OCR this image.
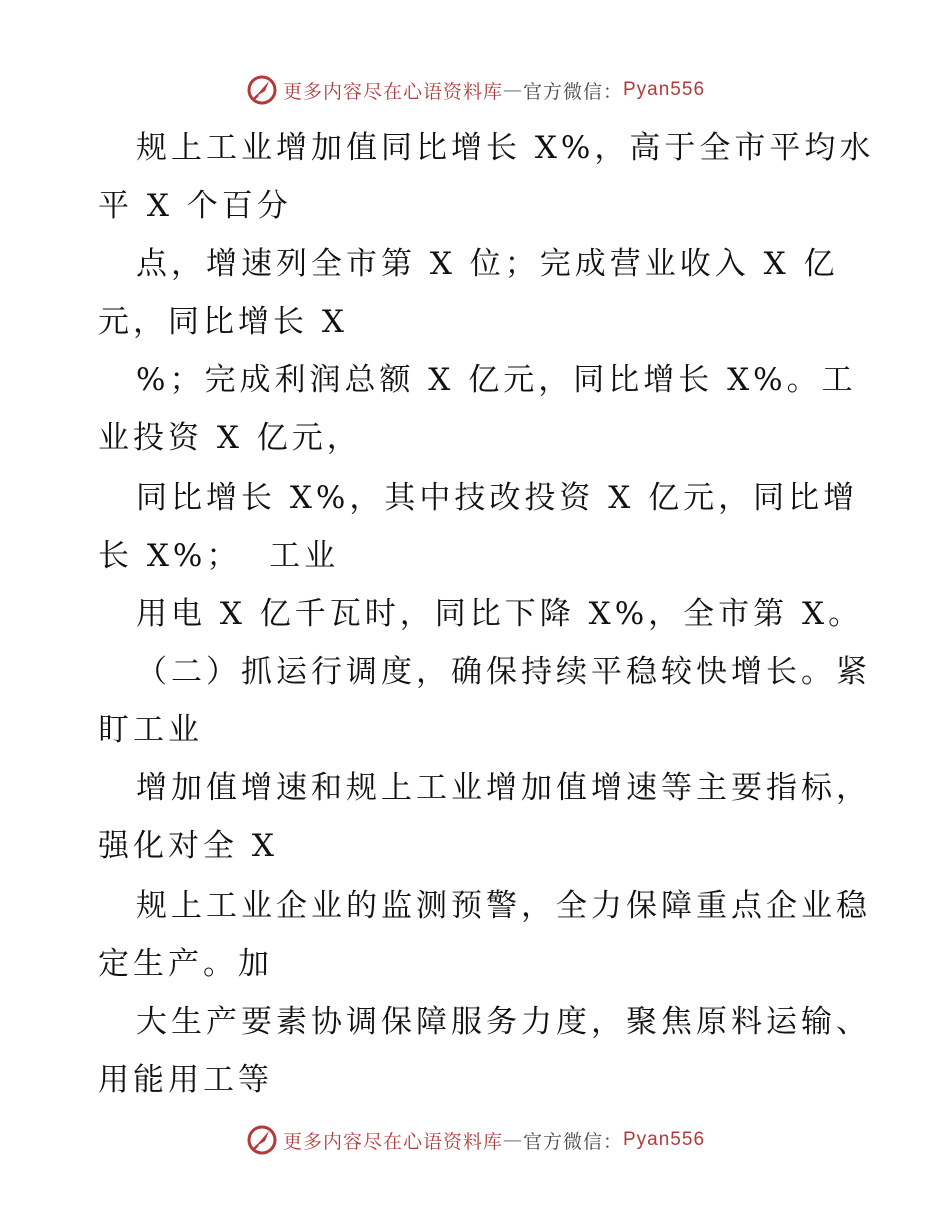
更多内容尽在心语资料库 — 官方微信： Pyan556
规上工业增加值同比增长 X%，高于全市平均水
平 X 个百分
点，增速列全市第 X 位；完成营业收入 X 亿
元，同比增长 X
%；完成利润总额 X 亿元，同比增长 X%。工
业投资 X 亿元，
同比增长 X%，其中技改投资 X 亿元，同比增
长 X%；  工业
用电 X 亿千瓦时，同比下降 X%，全市第 X。
（二）抓运行调度，确保持续平稳较快增长。紧
盯工业
增加值增速和规上工业增加值增速等主要指标，
强化对全 X
规上工业企业的监测预警，全力保障重点企业稳
定生产。加
大生产要素协调保障服务力度，聚焦原料运输、
用能用工等
更多内容尽在心语资料库 — 官方微信： Pyan556
